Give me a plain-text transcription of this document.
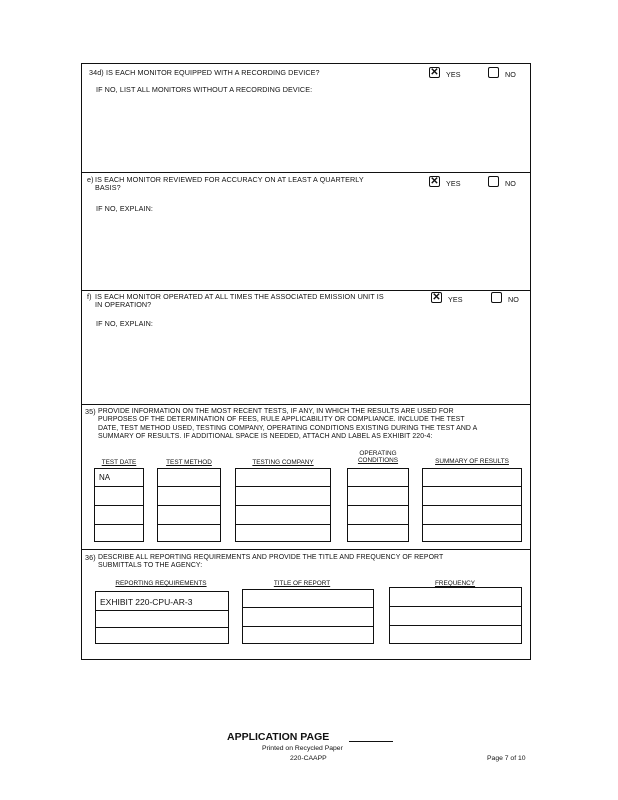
34d) IS EACH MONITOR EQUIPPED WITH A RECORDING DEVICE?	✕ YES	NO
IF NO, LIST ALL MONITORS WITHOUT A RECORDING DEVICE:
e) IS EACH MONITOR REVIEWED FOR ACCURACY ON AT LEAST A QUARTERLY
BASIS?
✕ YES	NO
IF NO, EXPLAIN:
f) IS EACH MONITOR OPERATED AT ALL TIMES THE ASSOCIATED EMISSION UNIT IS
IN OPERATION?
✕ YES	NO
IF NO, EXPLAIN:
35) PROVIDE INFORMATION ON THE MOST RECENT TESTS, IF ANY, IN WHICH THE RESULTS ARE USED FOR
PURPOSES OF THE DETERMINATION OF FEES, RULE APPLICABILITY OR COMPLIANCE. INCLUDE THE TEST
DATE, TEST METHOD USED, TESTING COMPANY, OPERATING CONDITIONS EXISTING DURING THE TEST AND A
SUMMARY OF RESULTS. IF ADDITIONAL SPACE IS NEEDED, ATTACH AND LABEL AS EXHIBIT 220-4:
TEST DATE	TEST METHOD	TESTING COMPANY
OPERATING
CONDITIONS	SUMMARY OF RESULTS
NA
36) DESCRIBE ALL REPORTING REQUIREMENTS AND PROVIDE THE TITLE AND FREQUENCY OF REPORT
SUBMITTALS TO THE AGENCY:
REPORTING REQUIREMENTS	TITLE OF REPORT	FREQUENCY
EXHIBIT 220-CPU-AR-3
APPLICATION PAGE
Printed on Recycled Paper
220-CAAPP	Page 7 of 10
